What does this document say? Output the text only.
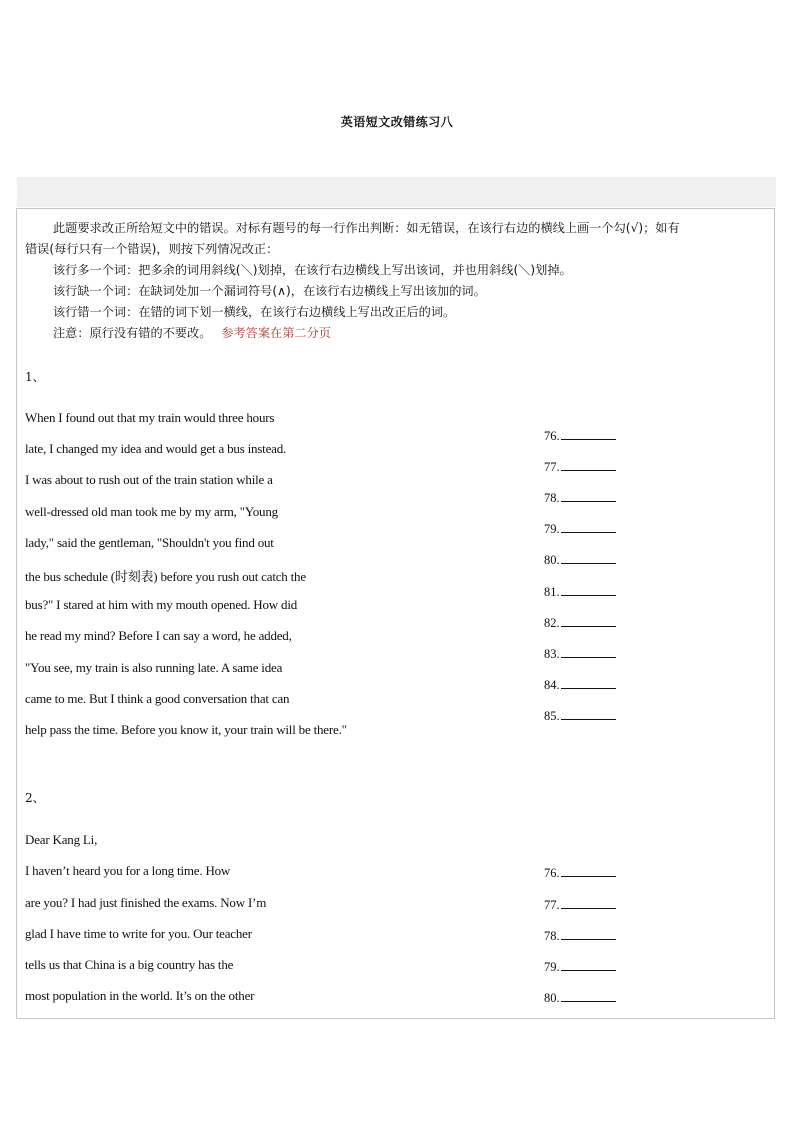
英语短文改错练习八
此题要求改正所给短文中的错误。对标有题号的每一行作出判断：如无错误，在该行右边的横线上画一个勾(√)；如有
错误(每行只有一个错误)，则按下列情况改正：
该行多一个词：把多余的词用斜线(＼)划掉，在该行右边横线上写出该词，并也用斜线(＼)划掉。
该行缺一个词：在缺词处加一个漏词符号(∧)，在该行右边横线上写出该加的词。
该行错一个词：在错的词下划一横线，在该行右边横线上写出改正后的词。
注意：原行没有错的不要改。 参考答案在第二分页
1、
When I found out that my train would three hours
late, I changed my idea and would get a bus instead.
I was about to rush out of the train station while a
well-dressed old man took me by my arm, "Young
lady," said the gentleman, "Shouldn't you find out
the bus schedule (时刻表) before you rush out catch the
bus?" I stared at him with my mouth opened. How did
he read my mind? Before I can say a word, he added,
"You see, my train is also running late. A same idea
came to me. But I think a good conversation that can
help pass the time. Before you know it, your train will be there."
76.
77.
78.
79.
80.
81.
82.
83.
84.
85.
2、
Dear Kang Li,
I haven’t heard you for a long time. How
are you? I had just finished the exams. Now I’m
glad I have time to write for you. Our teacher
tells us that China is a big country has the
most population in the world. It’s on the other
76.
77.
78.
79.
80.
